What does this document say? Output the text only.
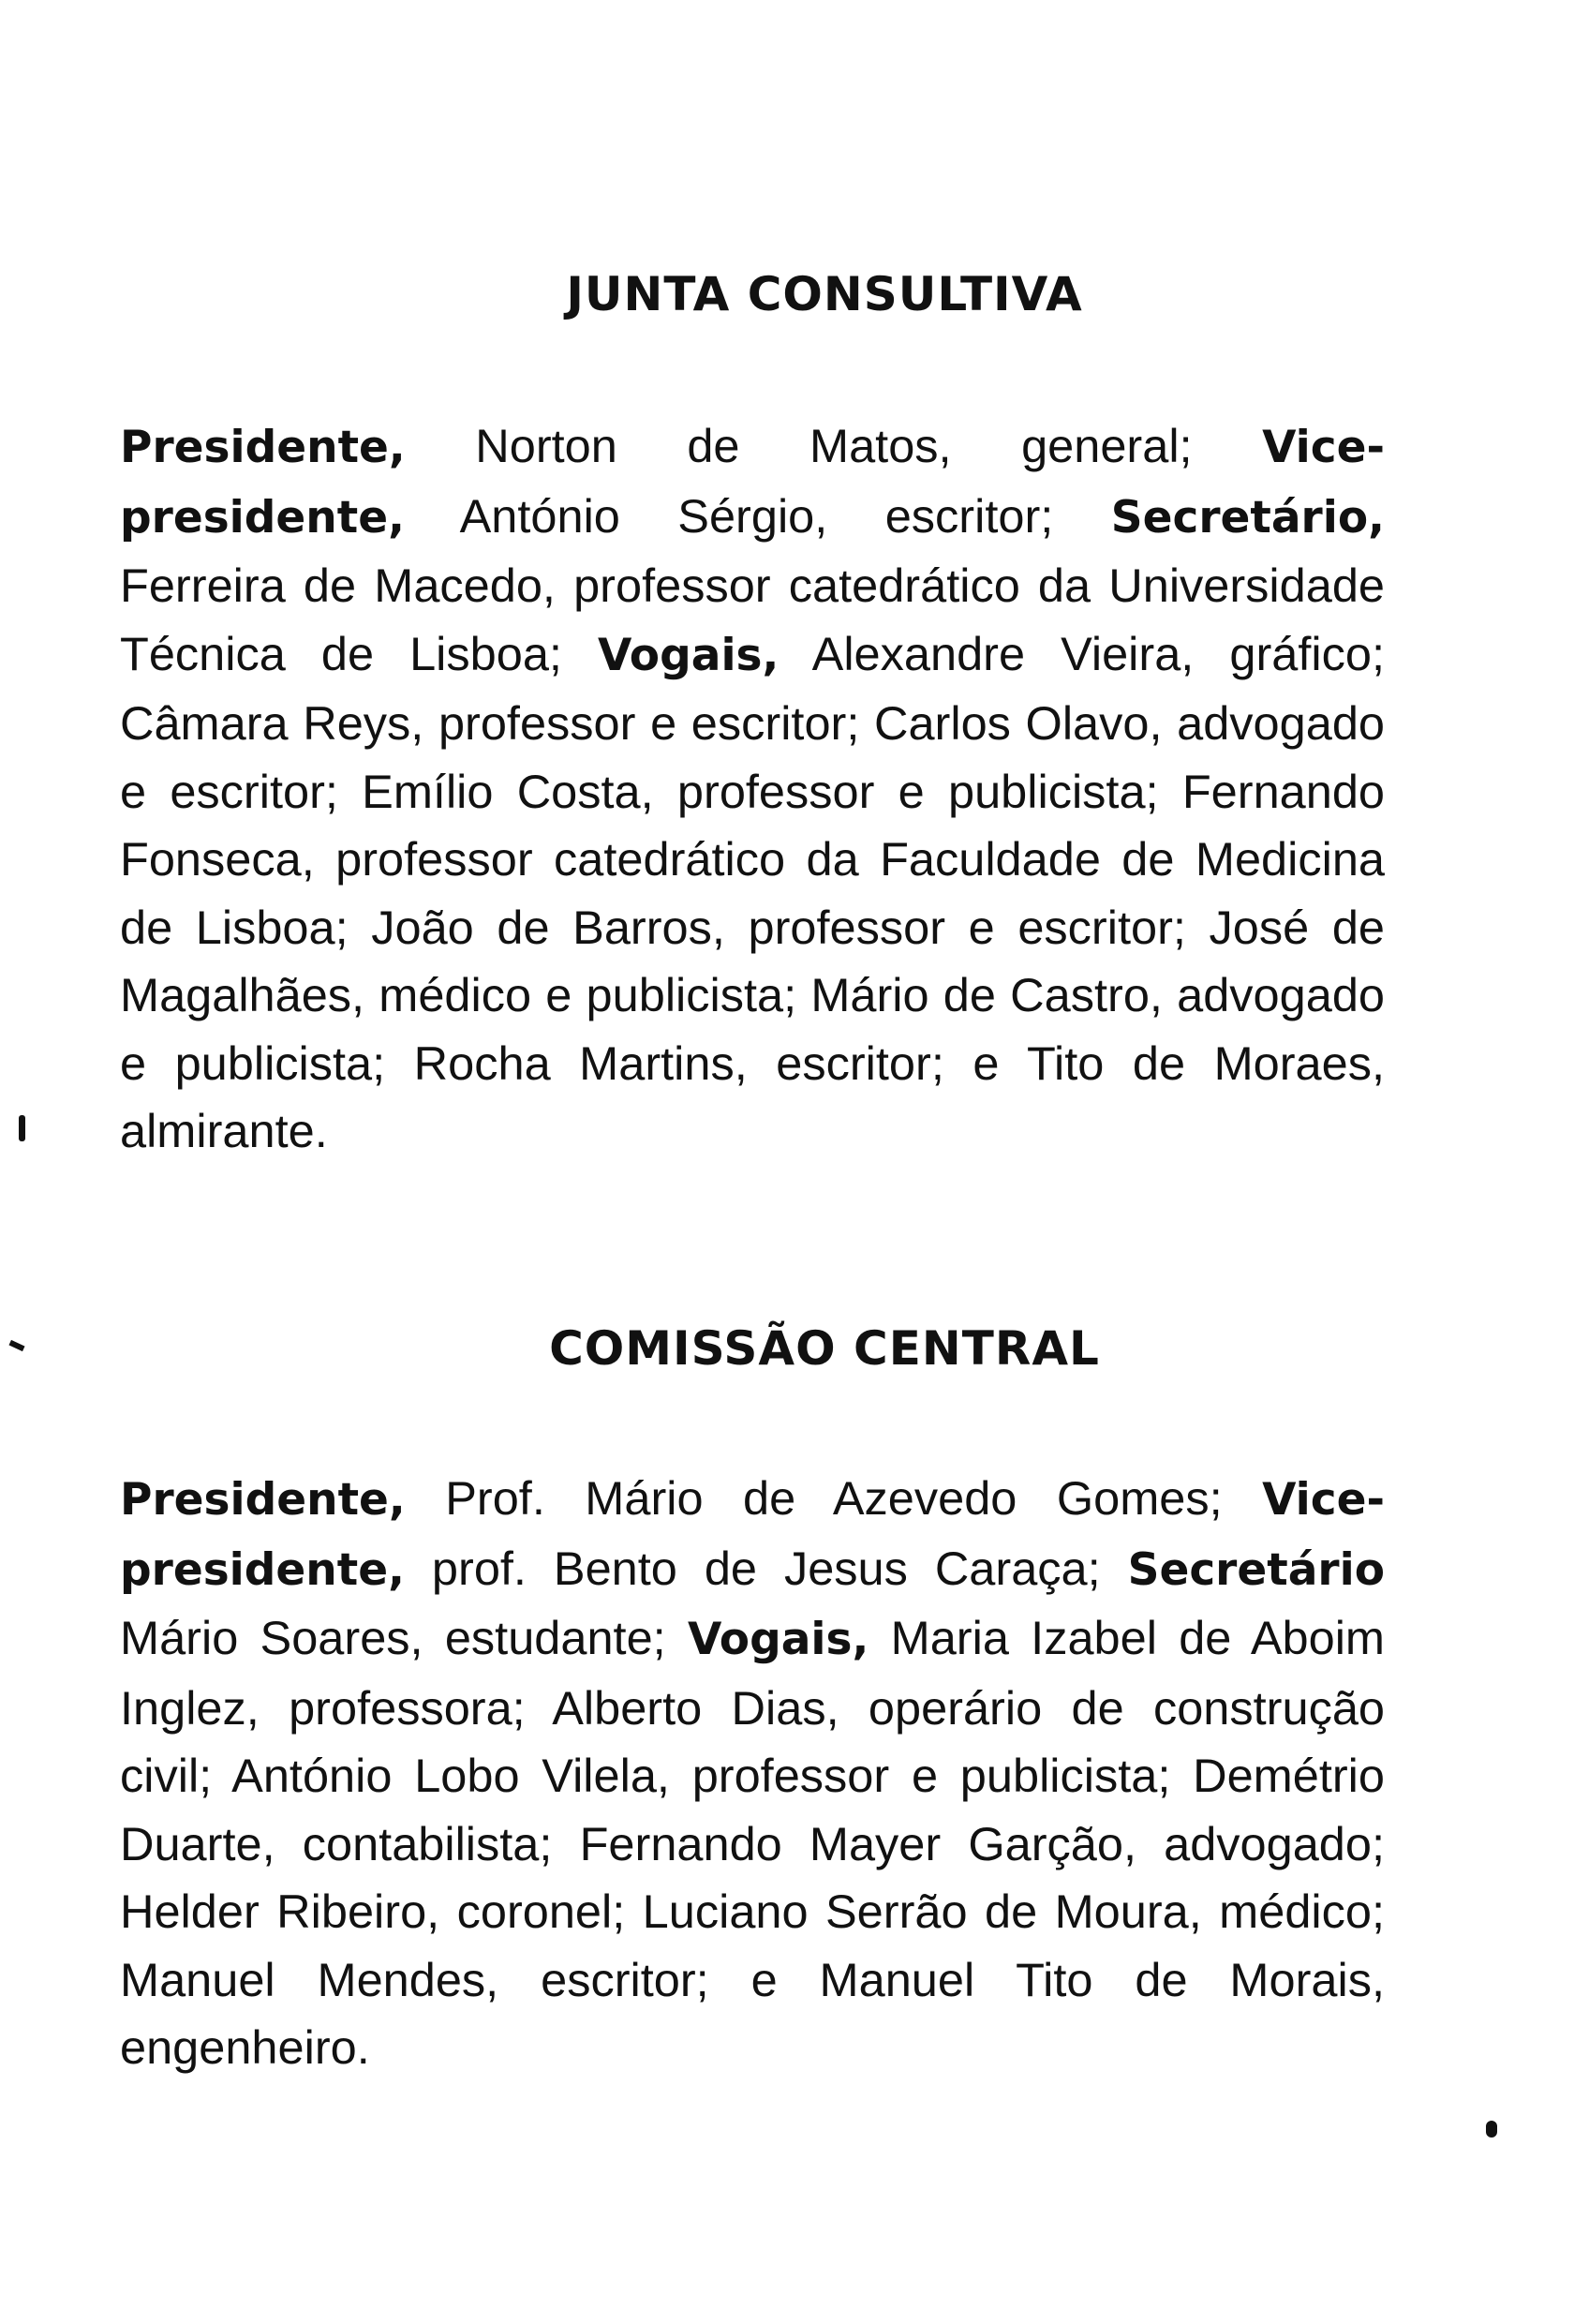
JUNTA CONSULTIVA

Presidente, Norton de Matos, general; Vice-presidente, António Sérgio, escritor; Secretário, Ferreira de Macedo, professor catedrático da Universidade Técnica de Lisboa; Vogais, Alexandre Vieira, gráfico; Câmara Reys, professor e escritor; Carlos Olavo, advogado e escritor; Emílio Costa, professor e publicista; Fernando Fonseca, professor catedrático da Faculdade de Medicina de Lisboa; João de Barros, professor e escritor; José de Magalhães, médico e publicista; Mário de Castro, advogado e publicista; Rocha Martins, escritor; e Tito de Moraes, almirante.

COMISSÃO CENTRAL

Presidente, Prof. Mário de Azevedo Gomes; Vice-presidente, prof. Bento de Jesus Caraça; Secretário Mário Soares, estudante; Vogais, Maria Izabel de Aboim Inglez, professora; Alberto Dias, operário de construção civil; António Lobo Vilela, professor e publicista; Demétrio Duarte, contabilista; Fernando Mayer Garção, advogado; Helder Ribeiro, coronel; Luciano Serrão de Moura, médico; Manuel Mendes, escritor; e Manuel Tito de Morais, engenheiro.
